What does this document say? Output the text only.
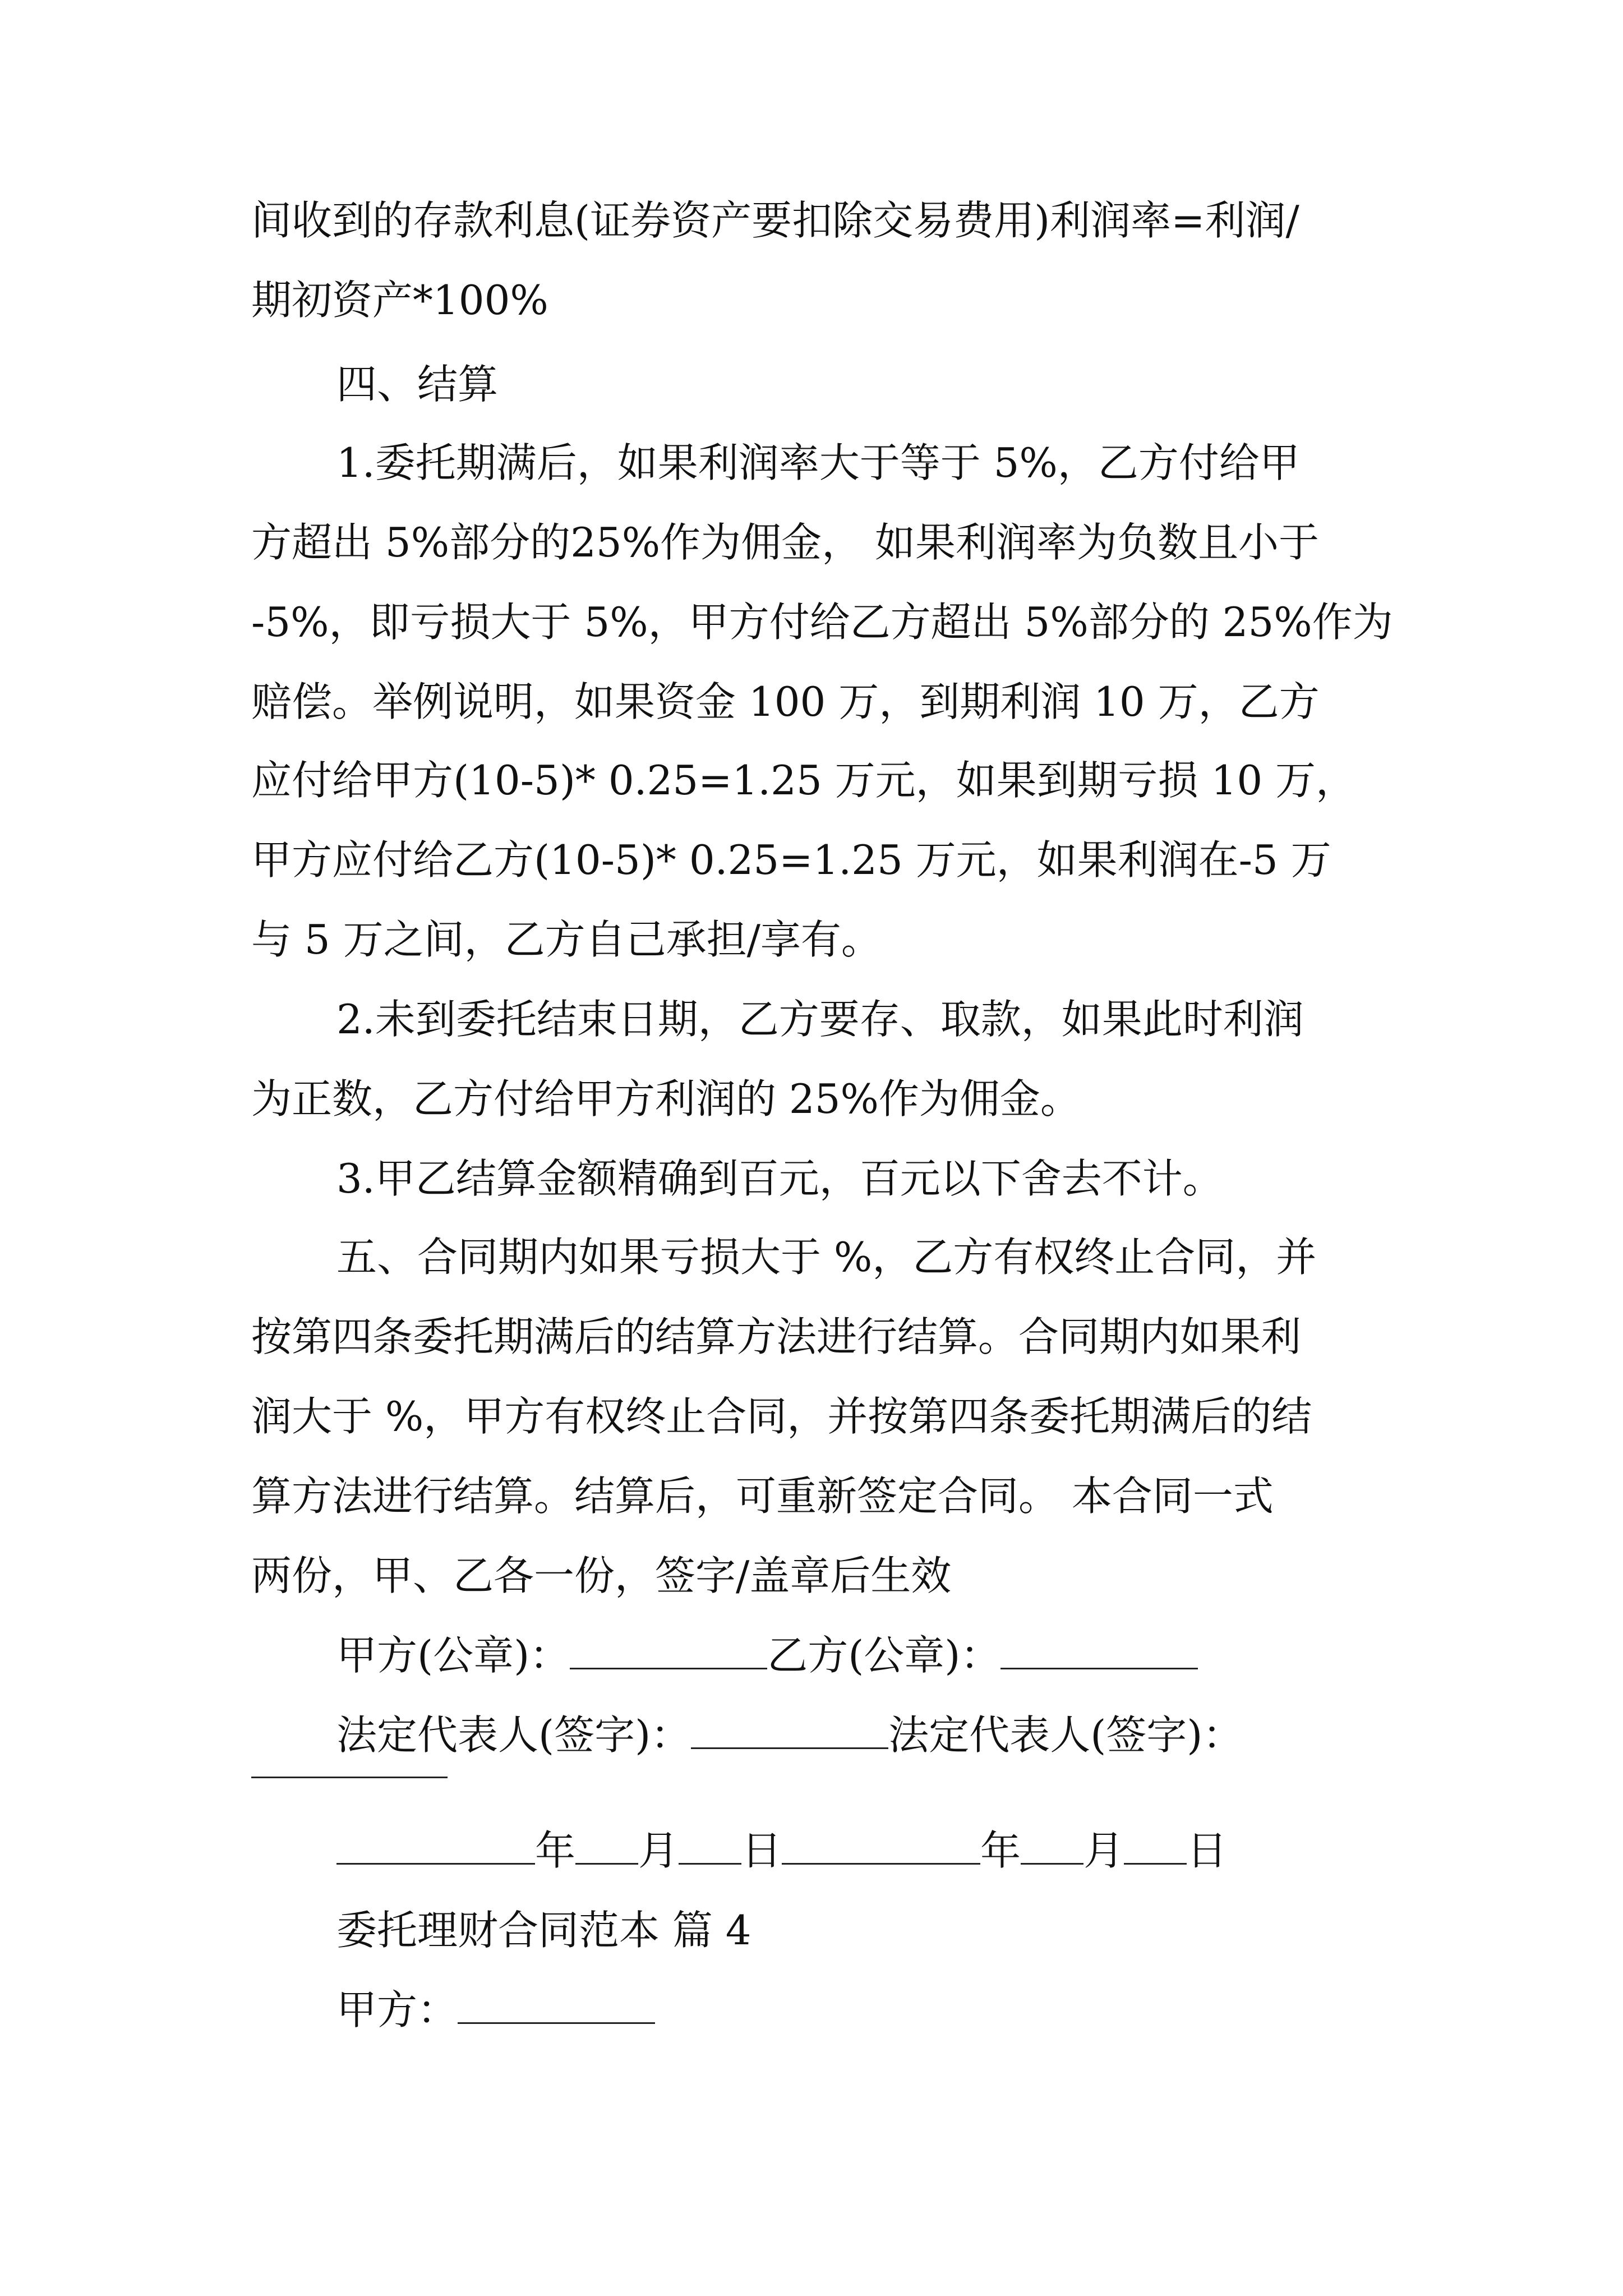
间收到的存款利息(证券资产要扣除交易费用)利润率=利润/
期初资产*100%
四、结算
1.委托期满后，如果利润率大于等于 5%，乙方付给甲
方超出 5%部分的25%作为佣金， 如果利润率为负数且小于
-5%，即亏损大于 5%，甲方付给乙方超出 5%部分的 25%作为
赔偿。举例说明，如果资金 100 万，到期利润 10 万，乙方
应付给甲方(10-5)* 0.25=1.25 万元，如果到期亏损 10 万，
甲方应付给乙方(10-5)* 0.25=1.25 万元，如果利润在-5 万
与 5 万之间，乙方自己承担/享有。
2.未到委托结束日期，乙方要存、取款，如果此时利润
为正数，乙方付给甲方利润的 25%作为佣金。
3.甲乙结算金额精确到百元，百元以下舍去不计。
五、合同期内如果亏损大于 %，乙方有权终止合同，并
按第四条委托期满后的结算方法进行结算。合同期内如果利
润大于 %，甲方有权终止合同，并按第四条委托期满后的结
算方法进行结算。结算后，可重新签定合同。 本合同一式
两份，甲、乙各一份，签字/盖章后生效
甲方(公章)：	乙方(公章)：
法定代表人(签字)：	法定代表人(签字)：
年 月 日	年 月 日
委托理财合同范本 篇 4
甲方：
